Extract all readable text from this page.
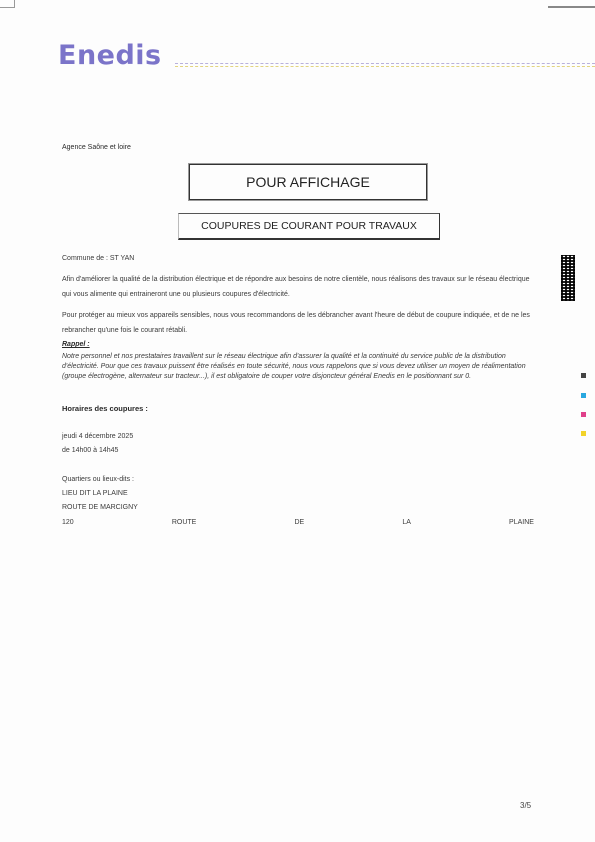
Enedis
Agence Saône et loire
POUR AFFICHAGE
COUPURES DE COURANT POUR TRAVAUX
Commune de : ST YAN
Afin d'améliorer la qualité de la distribution électrique et de répondre aux besoins de notre clientèle, nous réalisons des travaux sur le réseau électrique qui vous alimente qui entraineront une ou plusieurs coupures d'électricité.
Pour protéger au mieux vos appareils sensibles, nous vous recommandons de les débrancher avant l'heure de début de coupure indiquée, et de ne les rebrancher qu'une fois le courant rétabli.
Rappel :
Notre personnel et nos prestataires travaillent sur le réseau électrique afin d'assurer la qualité et la continuité du service public de la distribution d'électricité. Pour que ces travaux puissent être réalisés en toute sécurité, nous vous rappelons que si vous devez utiliser un moyen de réalimentation (groupe électrogène, alternateur sur tracteur...), il est obligatoire de couper votre disjoncteur général Enedis en le positionnant sur 0.
Horaires des coupures :
jeudi 4 décembre 2025
de 14h00 à 14h45
Quartiers ou lieux-dits :
LIEU DIT LA PLAINE
ROUTE DE MARCIGNY
120	ROUTE	DE	LA	PLAINE
3/5
